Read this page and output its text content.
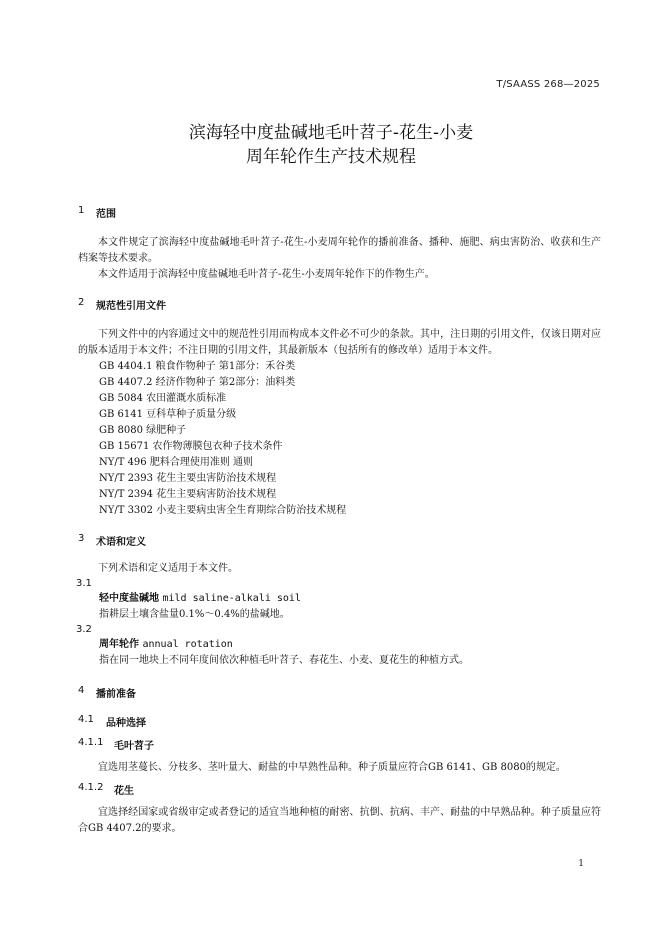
T/SAASS 268—2025
滨海轻中度盐碱地毛叶苕子-花生-小麦
周年轮作生产技术规程
1	范围

本文件规定了滨海轻中度盐碱地毛叶苕子-花生-小麦周年轮作的播前准备、播种、施肥、病虫害防治、收获和生产档案等技术要求。

本文件适用于滨海轻中度盐碱地毛叶苕子-花生-小麦周年轮作下的作物生产。

2	规范性引用文件

下列文件中的内容通过文中的规范性引用而构成本文件必不可少的条款。其中，注日期的引用文件，仅该日期对应的版本适用于本文件；不注日期的引用文件，其最新版本（包括所有的修改单）适用于本文件。

GB 4404.1 粮食作物种子 第1部分：禾谷类
GB 4407.2 经济作物种子 第2部分：油料类
GB 5084 农田灌溉水质标准
GB 6141 豆科草种子质量分级
GB 8080 绿肥种子
GB 15671 农作物薄膜包衣种子技术条件
NY/T 496 肥料合理使用准则 通则
NY/T 2393 花生主要虫害防治技术规程
NY/T 2394 花生主要病害防治技术规程
NY/T 3302 小麦主要病虫害全生育期综合防治技术规程
3	术语和定义

下列术语和定义适用于本文件。

3.1
轻中度盐碱地 mild saline-alkali soil
指耕层土壤含盐量0.1%～0.4%的盐碱地。
3.2
周年轮作 annual rotation
指在同一地块上不同年度间依次种植毛叶苕子、春花生、小麦、夏花生的种植方式。
4	播前准备
4.1	品种选择
4.1.1	毛叶苕子

宜选用茎蔓长、分枝多、茎叶量大、耐盐的中早熟性品种。种子质量应符合GB 6141、GB 8080的规定。

4.1.2	花生

宜选择经国家或省级审定或者登记的适宜当地种植的耐密、抗倒、抗病、丰产、耐盐的中早熟品种。种子质量应符合GB 4407.2的要求。

1
